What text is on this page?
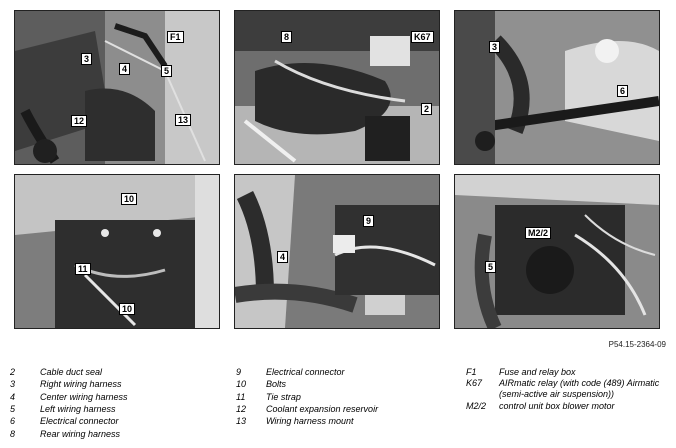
F1
3
4	5
12	13
8	K67
2
3
6
10
11
10
9
4
M2/2
5
P54.15-2364-09
2	Cable duct seal
3	Right wiring harness
4	Center wiring harness
5	Left wiring harness
6	Electrical connector
8	Rear wiring harness
9	Electrical connector
10	Bolts
11	Tie strap
12	Coolant expansion reservoir
13	Wiring harness mount
F1	Fuse and relay box
K67	AIRmatic relay (with code (489) Airmatic (semi-active air suspension))
M2/2	control unit box blower motor
